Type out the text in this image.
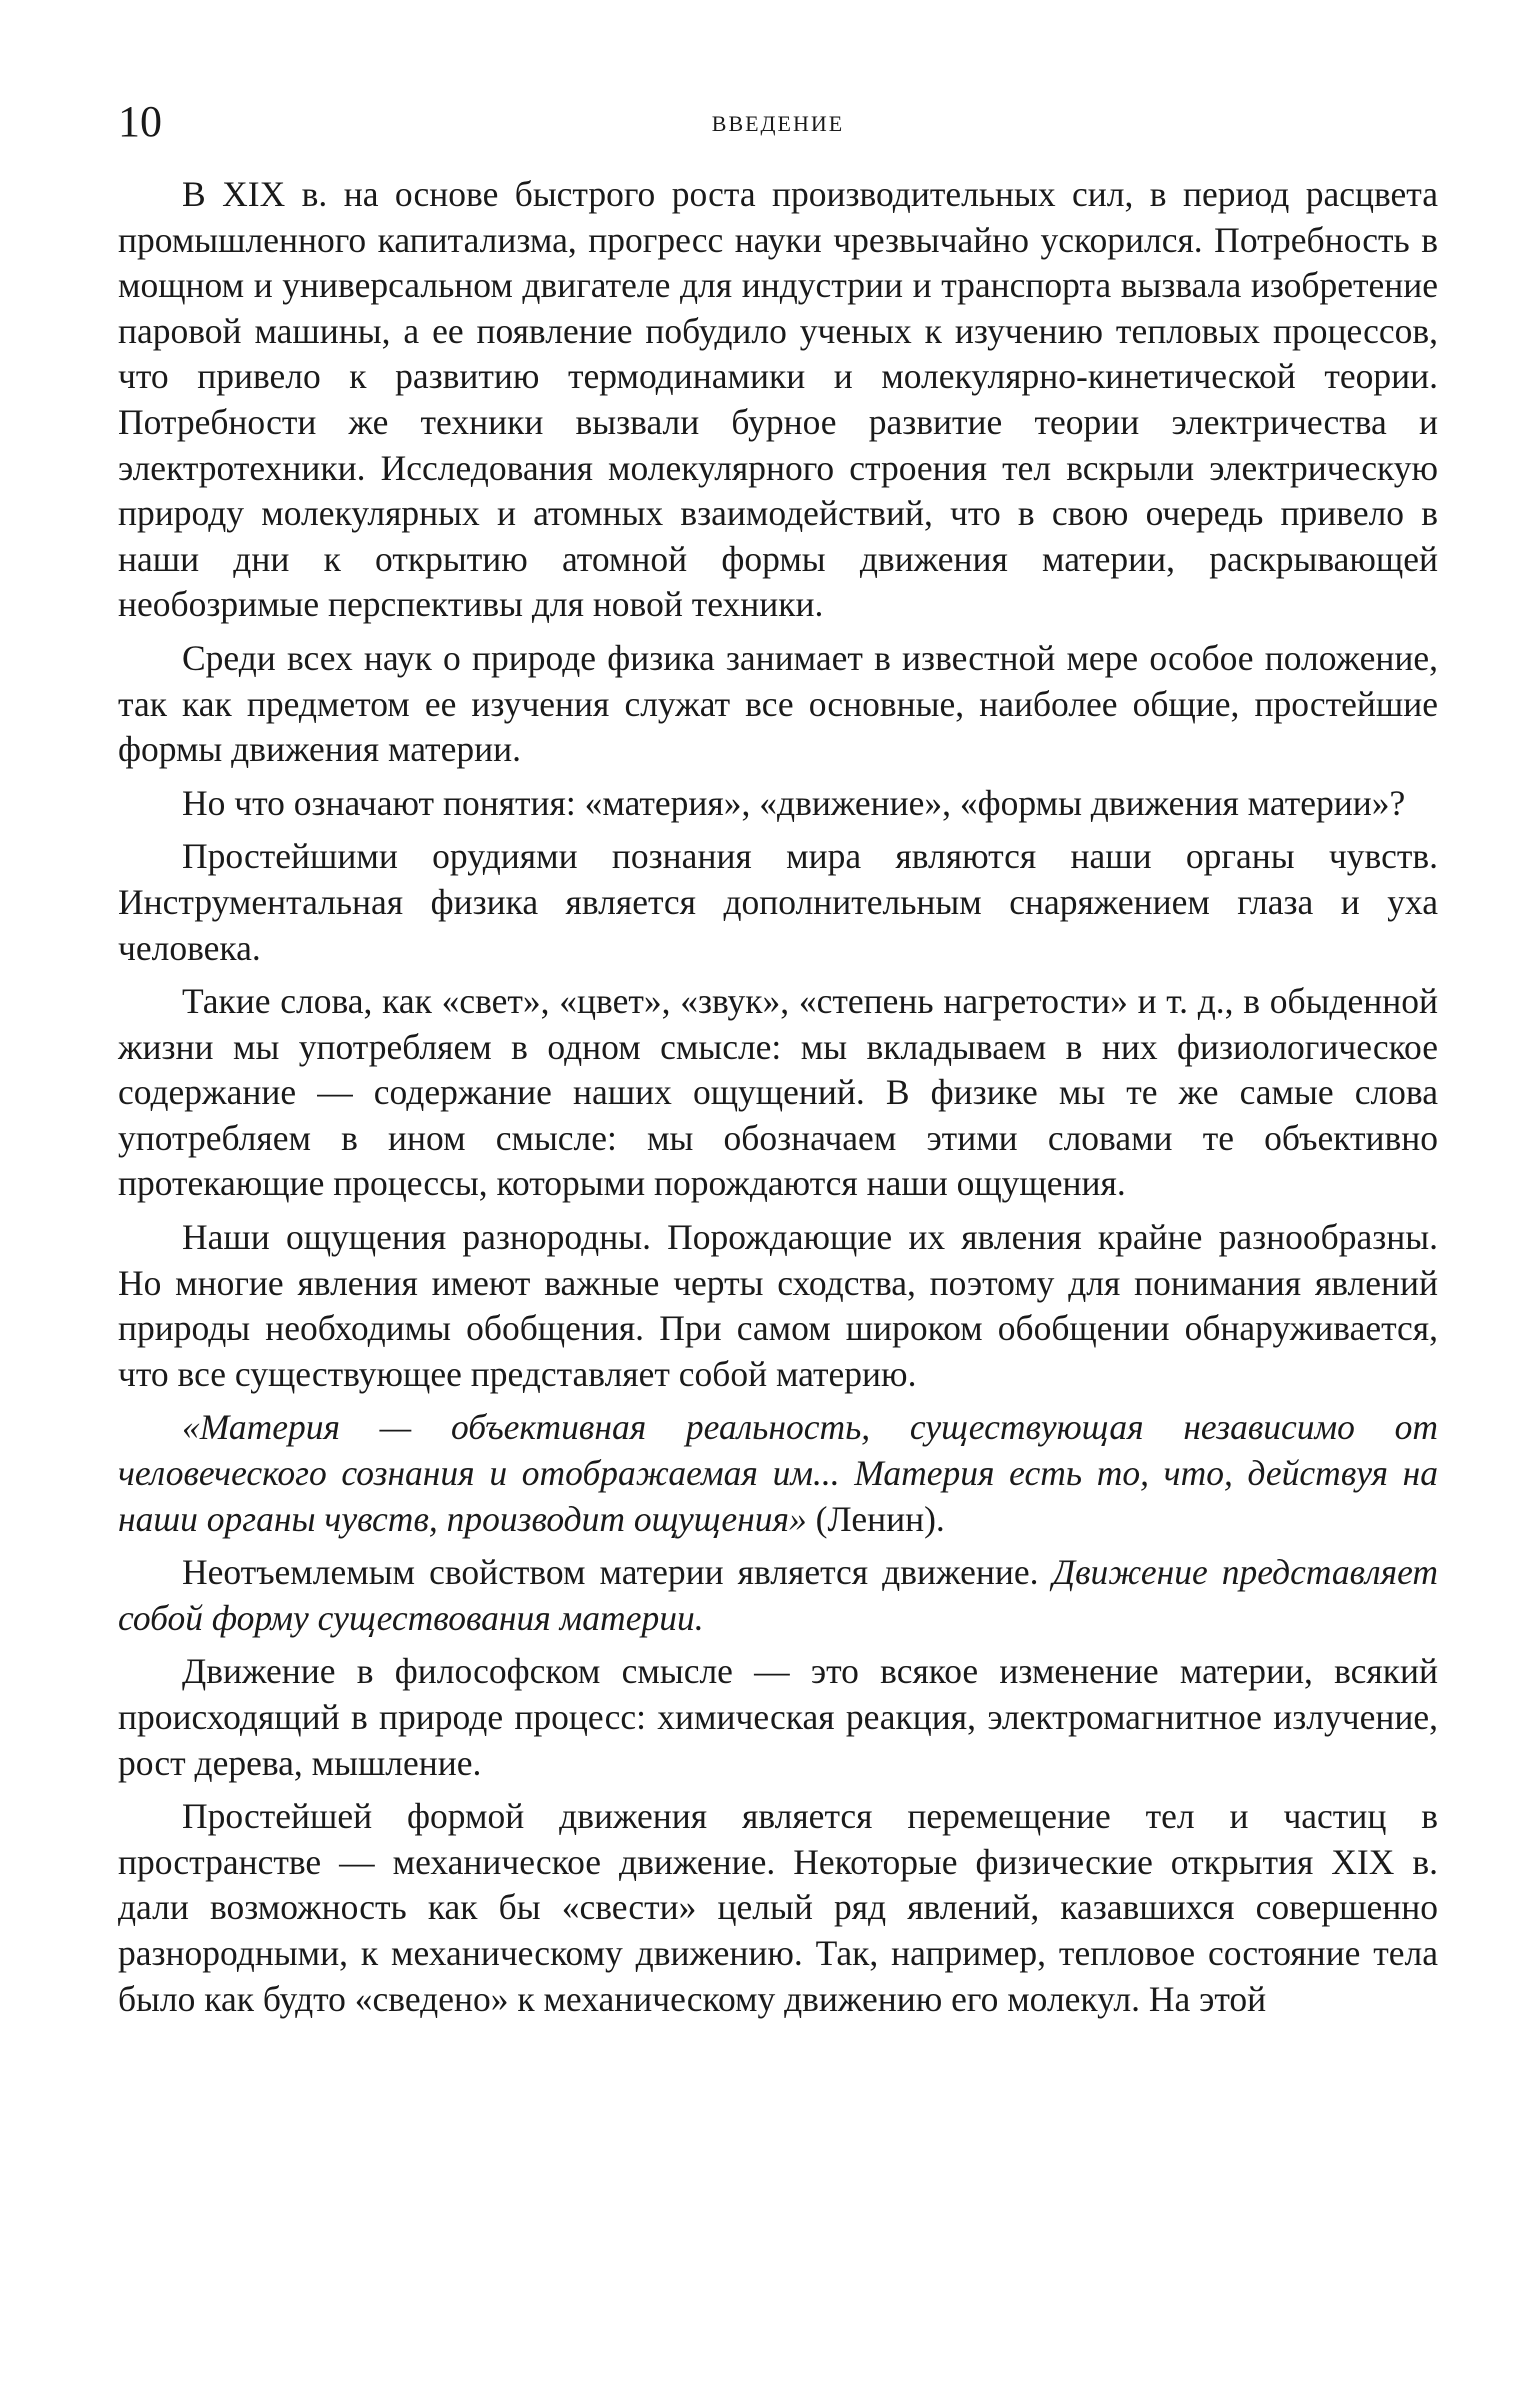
10	ВВЕДЕНИЕ

В XIX в. на основе быстрого роста производительных сил, в период расцвета промышленного капитализма, прогресс науки чрезвычайно ускорился. Потребность в мощном и универсальном двигателе для индустрии и транспорта вызвала изобретение паровой машины, а ее появление побудило ученых к изучению тепловых процессов, что привело к развитию термодинамики и молекулярно-кинетической теории. Потребности же техники вызвали бурное развитие теории электричества и электротехники. Исследования молекулярного строения тел вскрыли электрическую природу молекулярных и атомных взаимодействий, что в свою очередь привело в наши дни к открытию атомной формы движения материи, раскрывающей необозримые перспективы для новой техники.

Среди всех наук о природе физика занимает в известной мере особое положение, так как предметом ее изучения служат все основные, наиболее общие, простейшие формы движения материи.

Но что означают понятия: «материя», «движение», «формы движения материи»?

Простейшими орудиями познания мира являются наши органы чувств. Инструментальная физика является дополнительным снаряжением глаза и уха человека.

Такие слова, как «свет», «цвет», «звук», «степень нагретости» и т. д., в обыденной жизни мы употребляем в одном смысле: мы вкладываем в них физиологическое содержание — содержание наших ощущений. В физике мы те же самые слова употребляем в ином смысле: мы обозначаем этими словами те объективно протекающие процессы, которыми порождаются наши ощущения.

Наши ощущения разнородны. Порождающие их явления крайне разнообразны. Но многие явления имеют важные черты сходства, поэтому для понимания явлений природы необходимы обобщения. При самом широком обобщении обнаруживается, что все существующее представляет собой материю.

«Материя — объективная реальность, существующая независимо от человеческого сознания и отображаемая им... Материя есть то, что, действуя на наши органы чувств, производит ощущения» (Ленин).

Неотъемлемым свойством материи является движение. Движение представляет собой форму существования материи.

Движение в философском смысле — это всякое изменение материи, всякий происходящий в природе процесс: химическая реакция, электромагнитное излучение, рост дерева, мышление.

Простейшей формой движения является перемещение тел и частиц в пространстве — механическое движение. Некоторые физические открытия XIX в. дали возможность как бы «свести» целый ряд явлений, казавшихся совершенно разнородными, к механическому движению. Так, например, тепловое состояние тела было как будто «сведено» к механическому движению его молекул. На этой
